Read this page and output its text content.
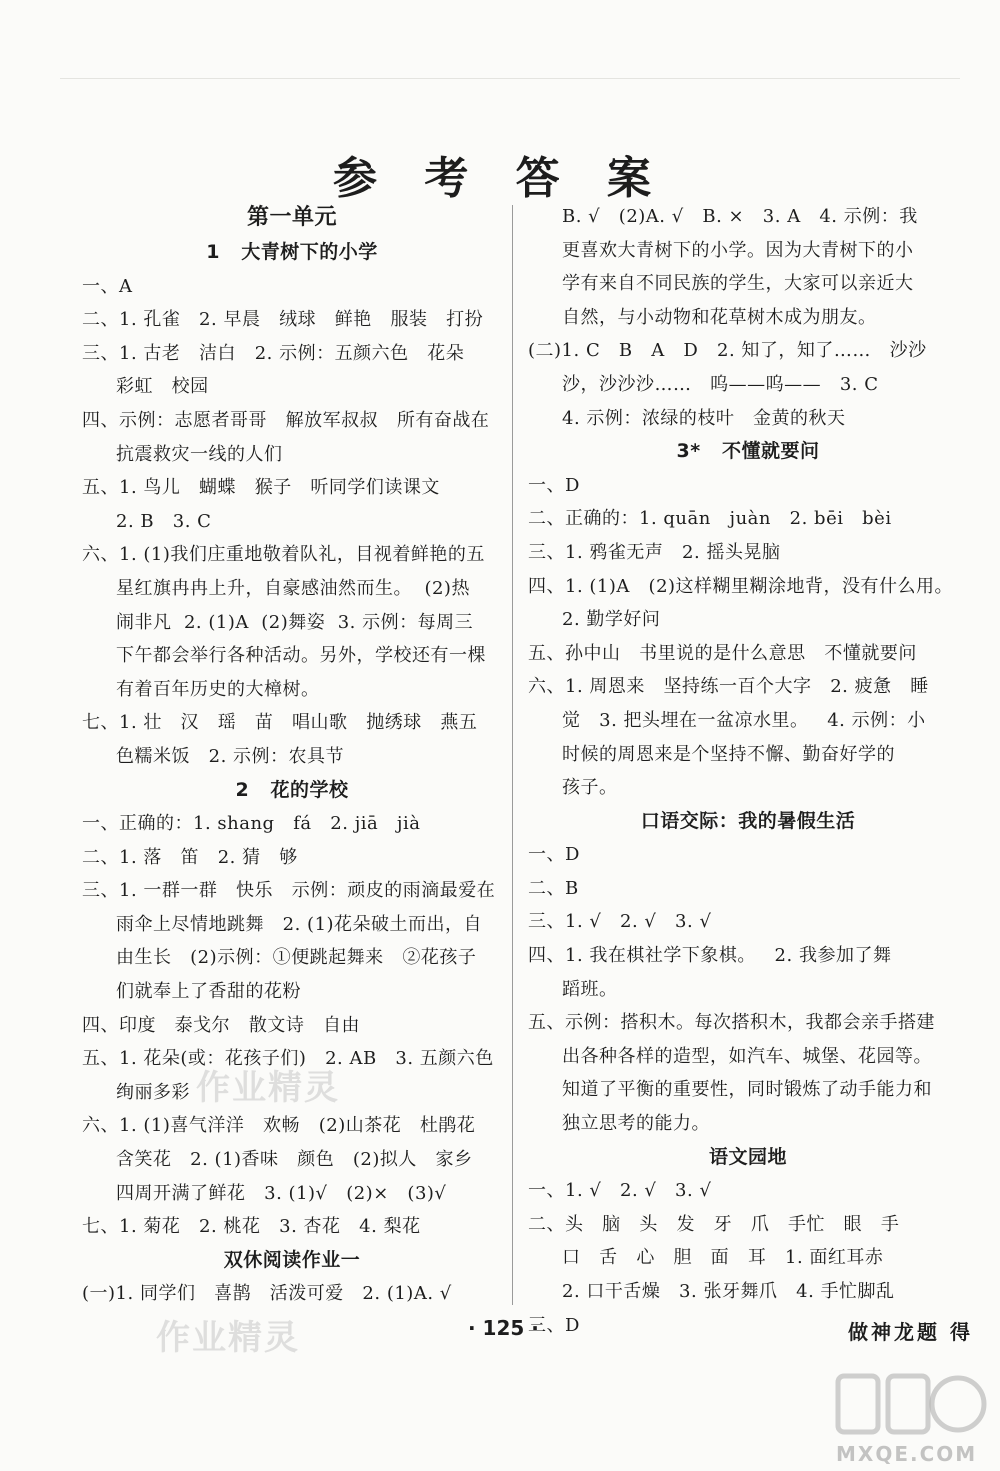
参 考 答 案
第一单元
1   大青树下的小学
一、A
二、1. 孔雀   2. 早晨   绒球   鲜艳   服装   打扮
三、1. 古老   洁白   2. 示例：五颜六色   花朵
彩虹   校园
四、示例：志愿者哥哥   解放军叔叔   所有奋战在
抗震救灾一线的人们
五、1. 鸟儿   蝴蝶   猴子   听同学们读课文
2. B   3. C
六、1. (1)我们庄重地敬着队礼，目视着鲜艳的五
星红旗冉冉上升，自豪感油然而生。  (2)热
闹非凡  2. (1)A  (2)舞姿  3. 示例：每周三
下午都会举行各种活动。另外，学校还有一棵
有着百年历史的大樟树。
七、1. 壮   汉   瑶   苗   唱山歌   抛绣球   燕五
色糯米饭   2. 示例：农具节
2   花的学校
一、正确的：1. shang   fá   2. jiā   jià
二、1. 落   笛   2. 猜   够
三、1. 一群一群   快乐   示例：顽皮的雨滴最爱在
雨伞上尽情地跳舞   2. (1)花朵破土而出，自
由生长   (2)示例：①便跳起舞来   ②花孩子
们就奉上了香甜的花粉
四、印度   泰戈尔   散文诗   自由
五、1. 花朵(或：花孩子们)   2. AB   3. 五颜六色
绚丽多彩
六、1. (1)喜气洋洋   欢畅   (2)山茶花   杜鹃花
含笑花   2. (1)香味   颜色   (2)拟人   家乡
四周开满了鲜花   3. (1)√   (2)×   (3)√
七、1. 菊花   2. 桃花   3. 杏花   4. 梨花
双休阅读作业一
(一)1. 同学们   喜鹊   活泼可爱   2. (1)A. √
B. √   (2)A. √   B. ×   3. A   4. 示例：我
更喜欢大青树下的小学。因为大青树下的小
学有来自不同民族的学生，大家可以亲近大
自然，与小动物和花草树木成为朋友。
(二)1. C   B   A   D   2. 知了，知了……   沙沙
沙，沙沙沙……   呜——呜——   3. C
4. 示例：浓绿的枝叶   金黄的秋天
3*   不懂就要问
一、D
二、正确的：1. quān   juàn   2. bēi   bèi
三、1. 鸦雀无声   2. 摇头晃脑
四、1. (1)A   (2)这样糊里糊涂地背，没有什么用。
2. 勤学好问
五、孙中山   书里说的是什么意思   不懂就要问
六、1. 周恩来   坚持练一百个大字   2. 疲惫   睡
觉   3. 把头埋在一盆凉水里。   4. 示例：小
时候的周恩来是个坚持不懈、勤奋好学的
孩子。
口语交际：我的暑假生活
一、D
二、B
三、1. √   2. √   3. √
四、1. 我在棋社学下象棋。   2. 我参加了舞
蹈班。
五、示例：搭积木。每次搭积木，我都会亲手搭建
出各种各样的造型，如汽车、城堡、花园等。
知道了平衡的重要性，同时锻炼了动手能力和
独立思考的能力。
语文园地
一、1. √   2. √   3. √
二、头   脑   头   发   牙   爪   手忙   眼   手
口   舌   心   胆   面   耳   1. 面红耳赤
2. 口干舌燥   3. 张牙舞爪   4. 手忙脚乱
三、D
作业精灵
作业精灵	· 125 ·	做神龙题 得
MXQE.COM
